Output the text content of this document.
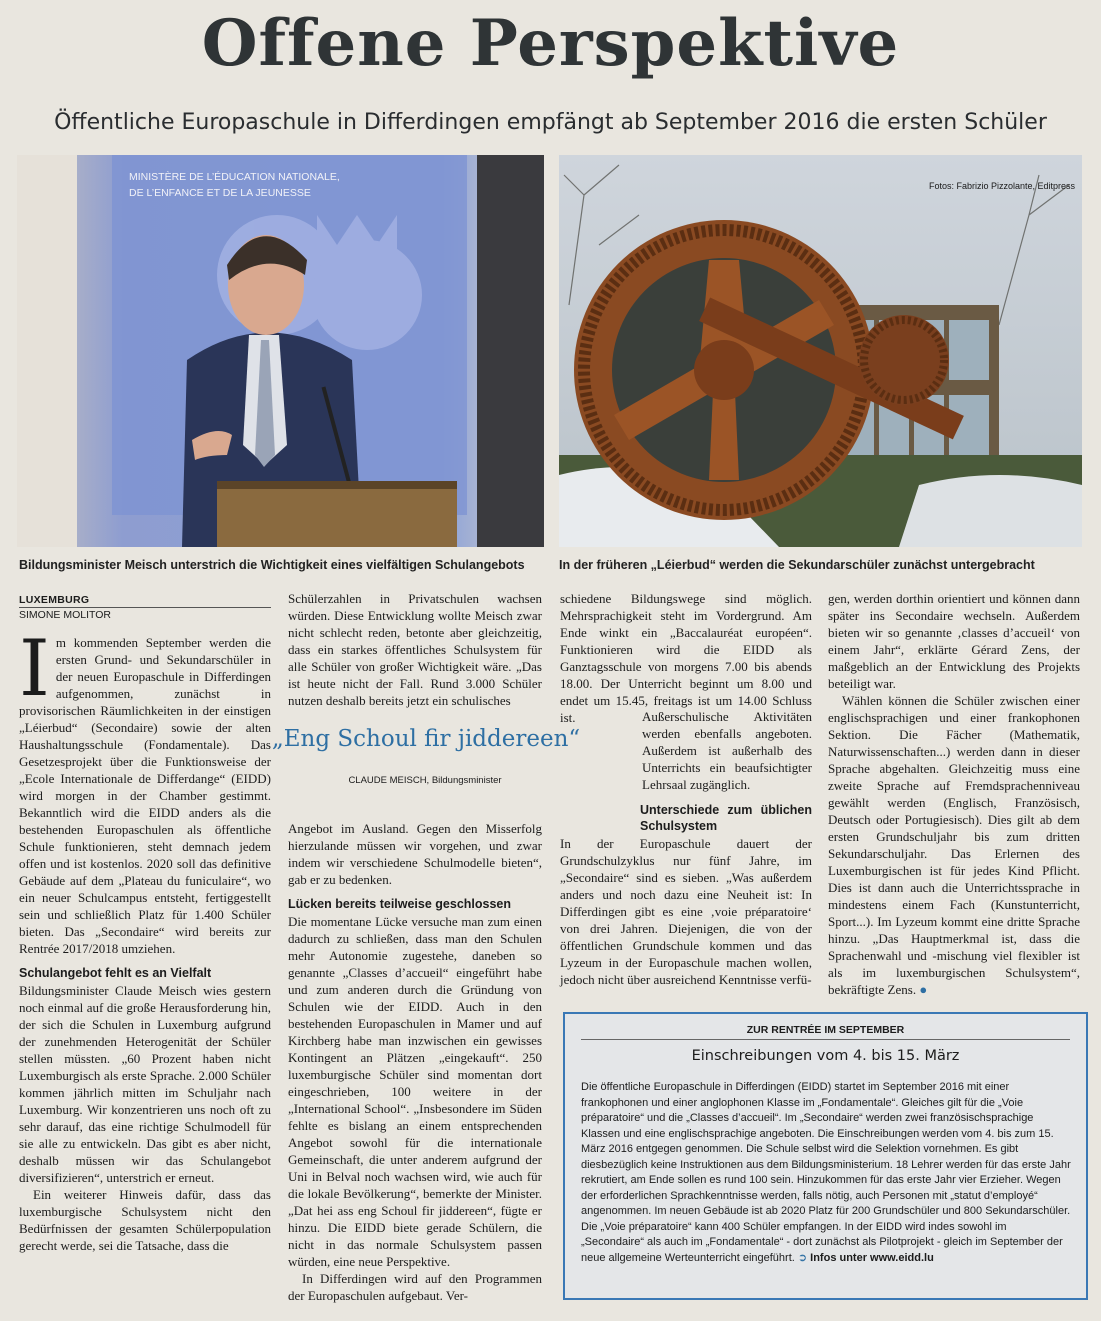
Offene Perspektive
Öffentliche Europaschule in Differdingen empfängt ab September 2016 die ersten Schüler
MINISTÈRE DE L’ÉDUCATION NATIONALE,
DE L’ENFANCE ET DE LA JEUNESSE
Fotos: Fabrizio Pizzolante, Editpress
Bildungsminister Meisch unterstrich die Wichtigkeit eines vielfältigen Schulangebots	In der früheren „Léierbud“ werden die Sekundarschüler zunächst untergebracht
LUXEMBURG
SIMONE MOLITOR

Im kommenden September werden die ersten Grund- und Sekundarschüler in der neuen Europaschule in Differdingen aufgenommen, zunächst in provisorischen Räumlichkeiten in der einstigen „Léierbud“ (Secondaire) sowie der alten Haushaltungsschule (Fondamentale). Das Gesetzesprojekt über die Funktionsweise der „Ecole Internationale de Differdange“ (EIDD) wird morgen in der Chamber gestimmt. Bekanntlich wird die EIDD anders als die bestehenden Europaschulen als öffentliche Schule funktionieren, steht demnach jedem offen und ist kostenlos. 2020 soll das definitive Gebäude auf dem „Plateau du funiculaire“, wo ein neuer Schulcampus entsteht, fertiggestellt sein und schließlich Platz für 1.400 Schüler bieten. Das „Secondaire“ wird bereits zur Rentrée 2017/2018 umziehen.

Schulangebot fehlt es an Vielfalt

Bildungsminister Claude Meisch wies gestern noch einmal auf die große Herausforderung hin, der sich die Schulen in Luxemburg aufgrund der zunehmenden Heterogenität der Schüler stellen müssten. „60 Prozent haben nicht Luxemburgisch als erste Sprache. 2.000 Schüler kommen jährlich mitten im Schuljahr nach Luxemburg. Wir konzentrieren uns noch oft zu sehr darauf, das eine richtige Schulmodell für sie alle zu entwickeln. Das gibt es aber nicht, deshalb müssen wir das Schulangebot diversifizieren“, unterstrich er erneut.

Ein weiterer Hinweis dafür, dass das luxemburgische Schulsystem nicht den Bedürfnissen der gesamten Schülerpopulation gerecht werde, sei die Tatsache, dass die

Schülerzahlen in Privatschulen wachsen würden. Diese Entwicklung wollte Meisch zwar nicht schlecht reden, betonte aber gleichzeitig, dass ein starkes öffentliches Schulsystem für alle Schüler von großer Wichtigkeit wäre. „Das ist heute nicht der Fall. Rund 3.000 Schüler nutzen deshalb bereits jetzt ein schulisches

schiedene Bildungswege sind möglich. Mehrsprachigkeit steht im Vordergrund. Am Ende winkt ein „Baccalauréat européen“. Funktionieren wird die EIDD als Ganztagsschule von morgens 7.00 bis abends 18.00. Der Unterricht beginnt um 8.00 und endet um 15.45, freitags ist um 14.00 Schluss ist.

„Eng Schoul fir jiddereen“
CLAUDE MEISCH, Bildungsminister

Außerschulische Aktivitäten werden ebenfalls angeboten. Außerdem ist außerhalb des Unterrichts ein beaufsichtigter Lehrsaal zugänglich.

Angebot im Ausland. Gegen den Misserfolg hierzulande müssen wir vorgehen, und zwar indem wir verschiedene Schulmodelle bieten“, gab er zu bedenken.

Lücken bereits teilweise geschlossen

Die momentane Lücke versuche man zum einen dadurch zu schließen, dass man den Schulen mehr Autonomie zugestehe, daneben so genannte „Classes d’accueil“ eingeführt habe und zum anderen durch die Gründung von Schulen wie der EIDD. Auch in den bestehenden Europaschulen in Mamer und auf Kirchberg habe man inzwischen ein gewisses Kontingent an Plätzen „eingekauft“. 250 luxemburgische Schüler sind momentan dort eingeschrieben, 100 weitere in der „International School“. „Insbesondere im Süden fehlte es bislang an einem entsprechenden Angebot sowohl für die internationale Gemeinschaft, die unter anderem aufgrund der Uni in Belval noch wachsen wird, wie auch für die lokale Bevölkerung“, bemerkte der Minister. „Dat hei ass eng Schoul fir jiddereen“, fügte er hinzu. Die EIDD biete gerade Schülern, die nicht in das normale Schulsystem passen würden, eine neue Perspektive.

In Differdingen wird auf den Programmen der Europaschulen aufgebaut. Ver-

Unterschiede zum üblichen Schulsystem

In der Europaschule dauert der Grundschulzyklus nur fünf Jahre, im „Secondaire“ sind es sieben. „Was außerdem anders und noch dazu eine Neuheit ist: In Differdingen gibt es eine ‚voie préparatoire‘ von drei Jahren. Diejenigen, die von der öffentlichen Grundschule kommen und das Lyzeum in der Europaschule machen wollen, jedoch nicht über ausreichend Kenntnisse verfü-

gen, werden dorthin orientiert und können dann später ins Secondaire wechseln. Außerdem bieten wir so genannte ‚classes d’accueil‘ von einem Jahr“, erklärte Gérard Zens, der maßgeblich an der Entwicklung des Projekts beteiligt war.

Wählen können die Schüler zwischen einer englischsprachigen und einer frankophonen Sektion. Die Fächer (Mathematik, Naturwissenschaften...) werden dann in dieser Sprache abgehalten. Gleichzeitig muss eine zweite Sprache auf Fremdsprachenniveau gewählt werden (Englisch, Französisch, Deutsch oder Portugiesisch). Dies gilt ab dem ersten Grundschuljahr bis zum dritten Sekundarschuljahr. Das Erlernen des Luxemburgischen ist für jedes Kind Pflicht. Dies ist dann auch die Unterrichtssprache in mindestens einem Fach (Kunstunterricht, Sport...). Im Lyzeum kommt eine dritte Sprache hinzu. „Das Hauptmerkmal ist, dass die Sprachenwahl und -mischung viel flexibler ist als im luxemburgischen Schulsystem“, bekräftigte Zens. ●

ZUR RENTRÉE IM SEPTEMBER
Einschreibungen vom 4. bis 15. März
Die öffentliche Europaschule in Differdingen (EIDD) startet im September 2016 mit einer frankophonen und einer anglophonen Klasse im „Fondamentale“. Gleiches gilt für die „Voie préparatoire“ und die „Classes d’accueil“. Im „Secondaire“ werden zwei französischsprachige Klassen und eine englischsprachige angeboten. Die Einschreibungen werden vom 4. bis zum 15. März 2016 entgegen genommen. Die Schule selbst wird die Selektion vornehmen. Es gibt diesbezüglich keine Instruktionen aus dem Bildungsministerium. 18 Lehrer werden für das erste Jahr rekrutiert, am Ende sollen es rund 100 sein. Hinzukommen für das erste Jahr vier Erzieher. Wegen der erforderlichen Sprachkenntnisse werden, falls nötig, auch Personen mit „statut d’employé“ angenommen. Im neuen Gebäude ist ab 2020 Platz für 200 Grundschüler und 800 Sekundarschüler. Die „Voie préparatoire“ kann 400 Schüler empfangen. In der EIDD wird indes sowohl im „Secondaire“ als auch im „Fondamentale“ - dort zunächst als Pilotprojekt - gleich im September der neue allgemeine Werteunterricht eingeführt. ➲ Infos unter www.eidd.lu
